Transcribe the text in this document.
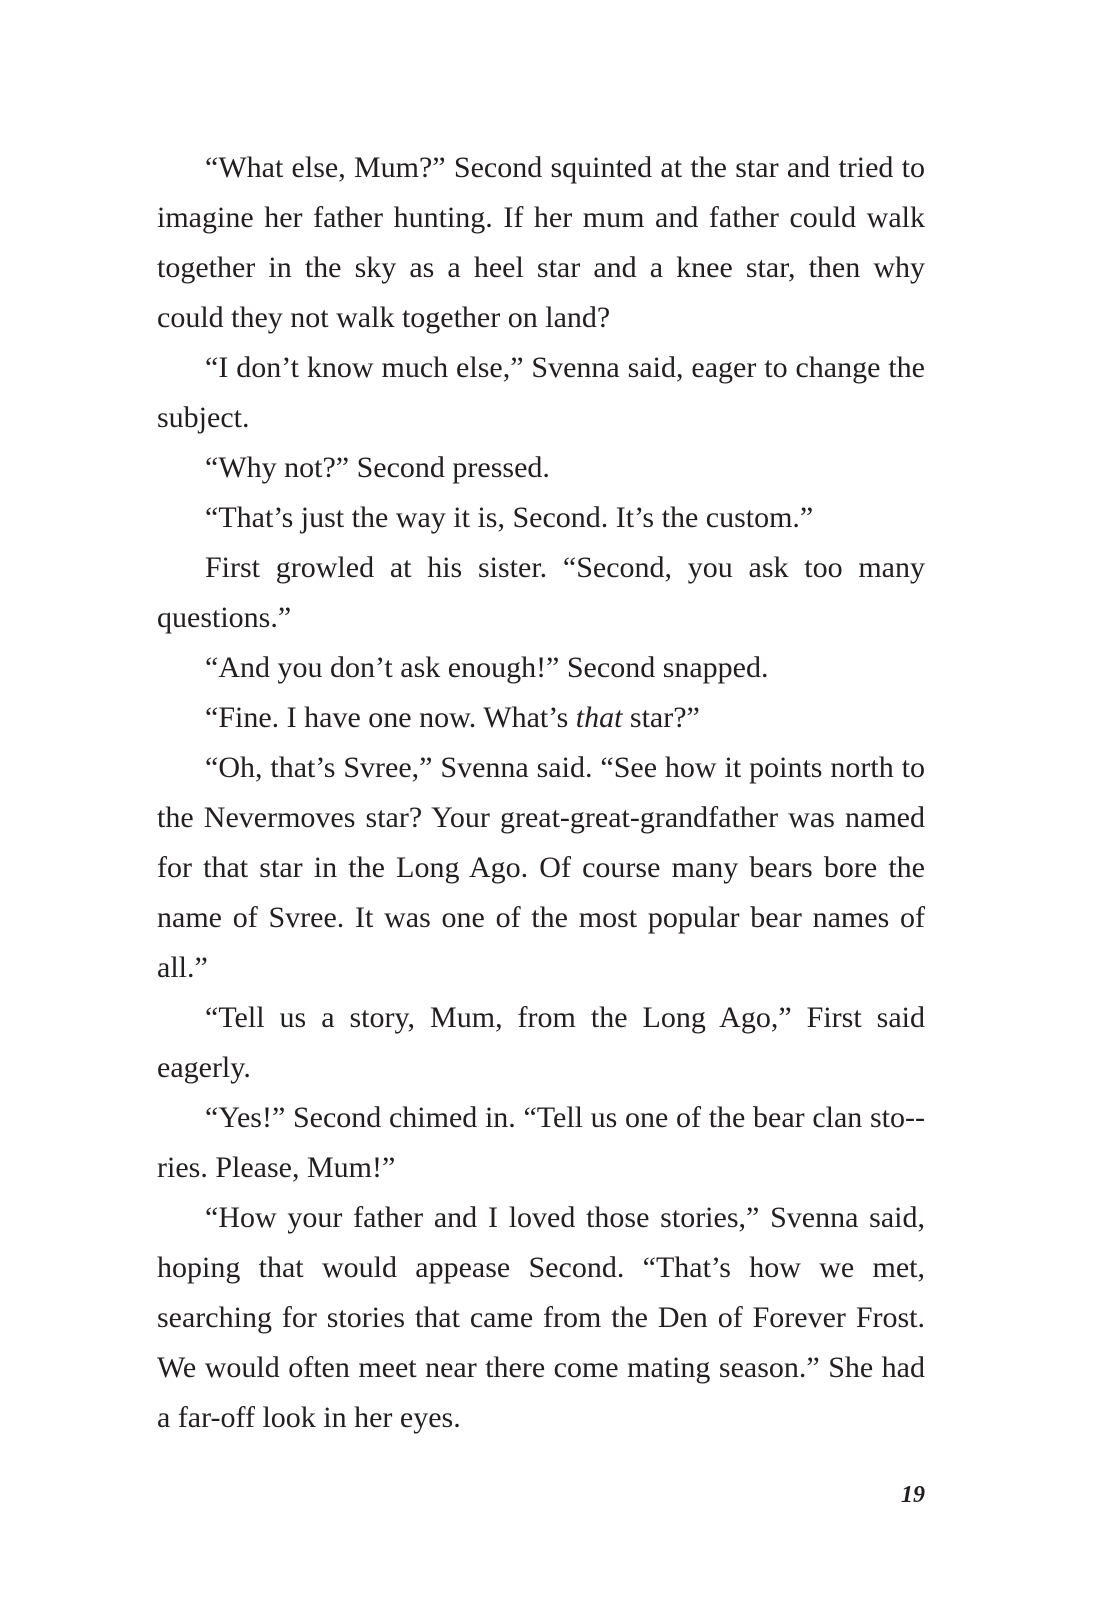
“What else, Mum?” Second squinted at the star and tried to imagine her father hunting. If her mum and father could walk together in the sky as a heel star and a knee star, then why could they not walk together on land?

“I don’t know much else,” Svenna said, eager to change the subject.

“Why not?” Second pressed.

“That’s just the way it is, Second. It’s the custom.”

First growled at his sister. “Second, you ask too many questions.”

“And you don’t ask enough!” Second snapped.

“Fine. I have one now. What’s that star?”

“Oh, that’s Svree,” Svenna said. “See how it points north to the Nevermoves star? Your great-great-grandfather was named for that star in the Long Ago. Of course many bears bore the name of Svree. It was one of the most popular bear names of all.”

“Tell us a story, Mum, from the Long Ago,” First said eagerly.

“Yes!” Second chimed in. “Tell us one of the bear clan sto-ries. Please, Mum!”

“How your father and I loved those stories,” Svenna said, hoping that would appease Second. “That’s how we met, searching for stories that came from the Den of Forever Frost. We would often meet near there come mating season.” She had a far-off look in her eyes.

19
